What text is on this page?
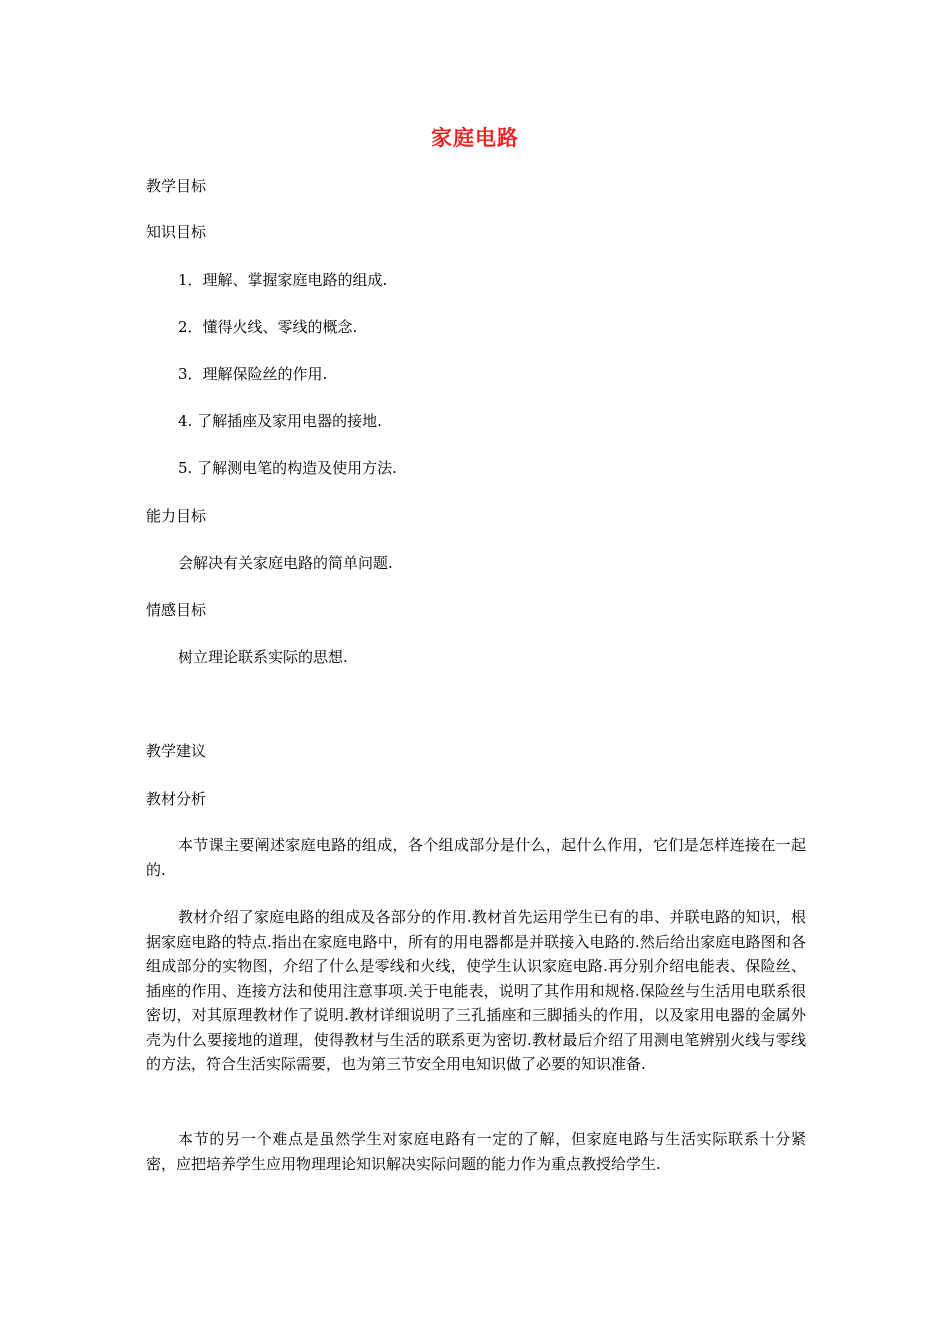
家庭电路
教学目标
知识目标
1．理解、掌握家庭电路的组成.
2．懂得火线、零线的概念.
3．理解保险丝的作用.
4. 了解插座及家用电器的接地.
5. 了解测电笔的构造及使用方法.
能力目标
会解决有关家庭电路的简单问题.
情感目标
树立理论联系实际的思想.
教学建议
教材分析
本节课主要阐述家庭电路的组成，各个组成部分是什么，起什么作用，它们是怎样连接在一起的.
教材介绍了家庭电路的组成及各部分的作用.教材首先运用学生已有的串、并联电路的知识，根据家庭电路的特点.指出在家庭电路中，所有的用电器都是并联接入电路的.然后给出家庭电路图和各组成部分的实物图，介绍了什么是零线和火线，使学生认识家庭电路.再分别介绍电能表、保险丝、插座的作用、连接方法和使用注意事项.关于电能表，说明了其作用和规格.保险丝与生活用电联系很密切，对其原理教材作了说明.教材详细说明了三孔插座和三脚插头的作用，以及家用电器的金属外壳为什么要接地的道理，使得教材与生活的联系更为密切.教材最后介绍了用测电笔辨别火线与零线的方法，符合生活实际需要，也为第三节安全用电知识做了必要的知识准备.
本节的另一个难点是虽然学生对家庭电路有一定的了解，但家庭电路与生活实际联系十分紧密，应把培养学生应用物理理论知识解决实际问题的能力作为重点教授给学生.
